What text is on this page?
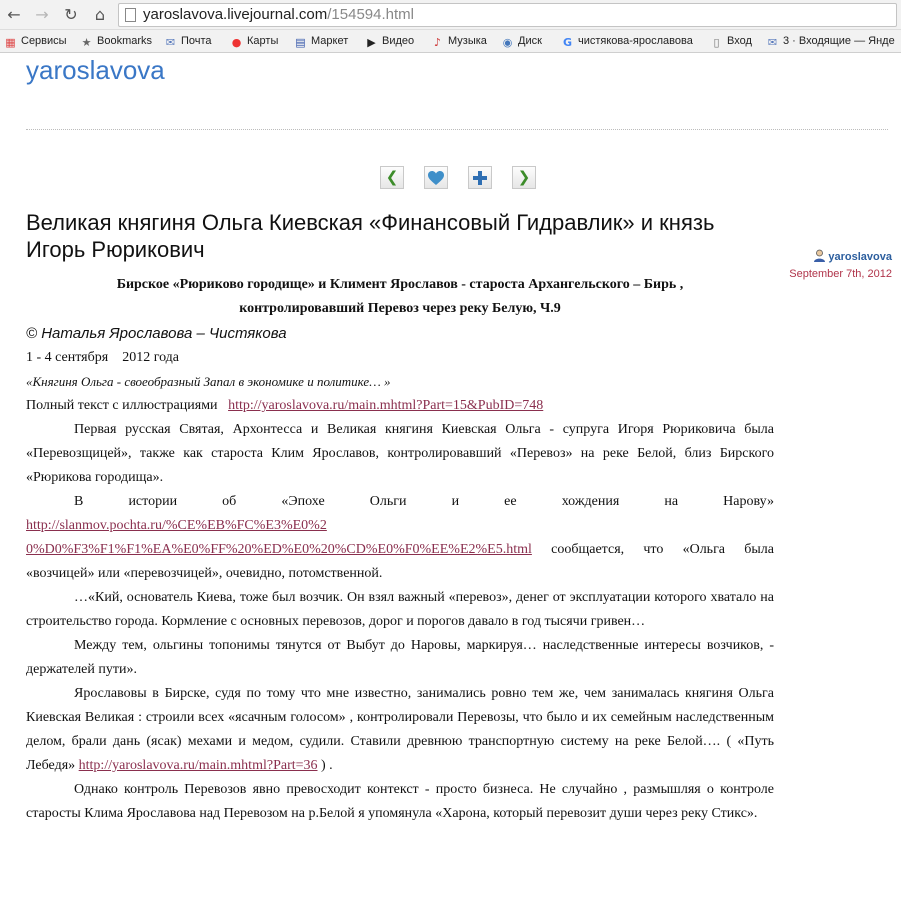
← → ↻	⌂	yaroslavova.livejournal.com/154594.html
▦ Сервисы ★ Bookmarks ✉ Почта ● Карты ▤ Маркет ▶ Видео ♪ Музыка ◉ Диск G чистякова-ярославова	▯ Вход ✉ 3 · Входящие — Янде
yaroslavova
❮	❯
Великая княгиня Ольга Киевская «Финансовый Гидравлик» и князь Игорь Рюрикович	yaroslavova
September 7th, 2012
Бирское «Рюриково городище» и Климент Ярославов - староста Архангельского – Бирь ,
контролировавший Перевоз через реку Белую, Ч.9
© Наталья Ярославова – Чистякова
1 - 4 сентября    2012 года
«Княгиня Ольга - своеобразный Запал в экономике и политике… »
Полный текст с иллюстрациями http://yaroslavova.ru/main.mhtml?Part=15&PubID=748

Первая русская Святая, Архонтесса и Великая княгиня Киевская Ольга - супруга Игоря Рюриковича была «Перевозщицей», также как староста Клим Ярославов, контролировавший «Перевоз» на реке Белой, близ Бирского «Рюрикова городища».

В истории об «Эпохе Ольги и ее хождения на Нарову»

http://slanmov.pochta.ru/%CE%EB%FC%E3%E0%2
0%D0%F3%F1%F1%EA%E0%FF%20%ED%E0%20%CD%E0%F0%EE%E2%E5.html сообщается, что «Ольга была «возчицей» или «перевозчицей», очевидно, потомственной.

…«Кий, основатель Киева, тоже был возчик. Он взял важный «перевоз», денег от эксплуатации которого хватало на строительство города. Кормление с основных перевозов, дорог и порогов давало в год тысячи гривен…

Между тем, ольгины топонимы тянутся от Выбут до Наровы, маркируя… наследственные интересы возчиков, - держателей пути».

Ярославовы в Бирске, судя по тому что мне известно, занимались ровно тем же, чем занималась княгиня Ольга Киевская Великая : строили всех «ясачным голосом» , контролировали Перевозы, что было и их семейным наследственным делом, брали дань (ясак) мехами и медом, судили. Ставили древнюю транспортную систему на реке Белой…. ( «Путь Лебедя» http://yaroslavova.ru/main.mhtml?Part=36 ) .

Однако контроль Перевозов явно превосходит контекст - просто бизнеса. Не случайно , размышляя о контроле старосты Клима Ярославова над Перевозом на р.Белой я упомянула «Харона, который перевозит души через реку Стикс».
